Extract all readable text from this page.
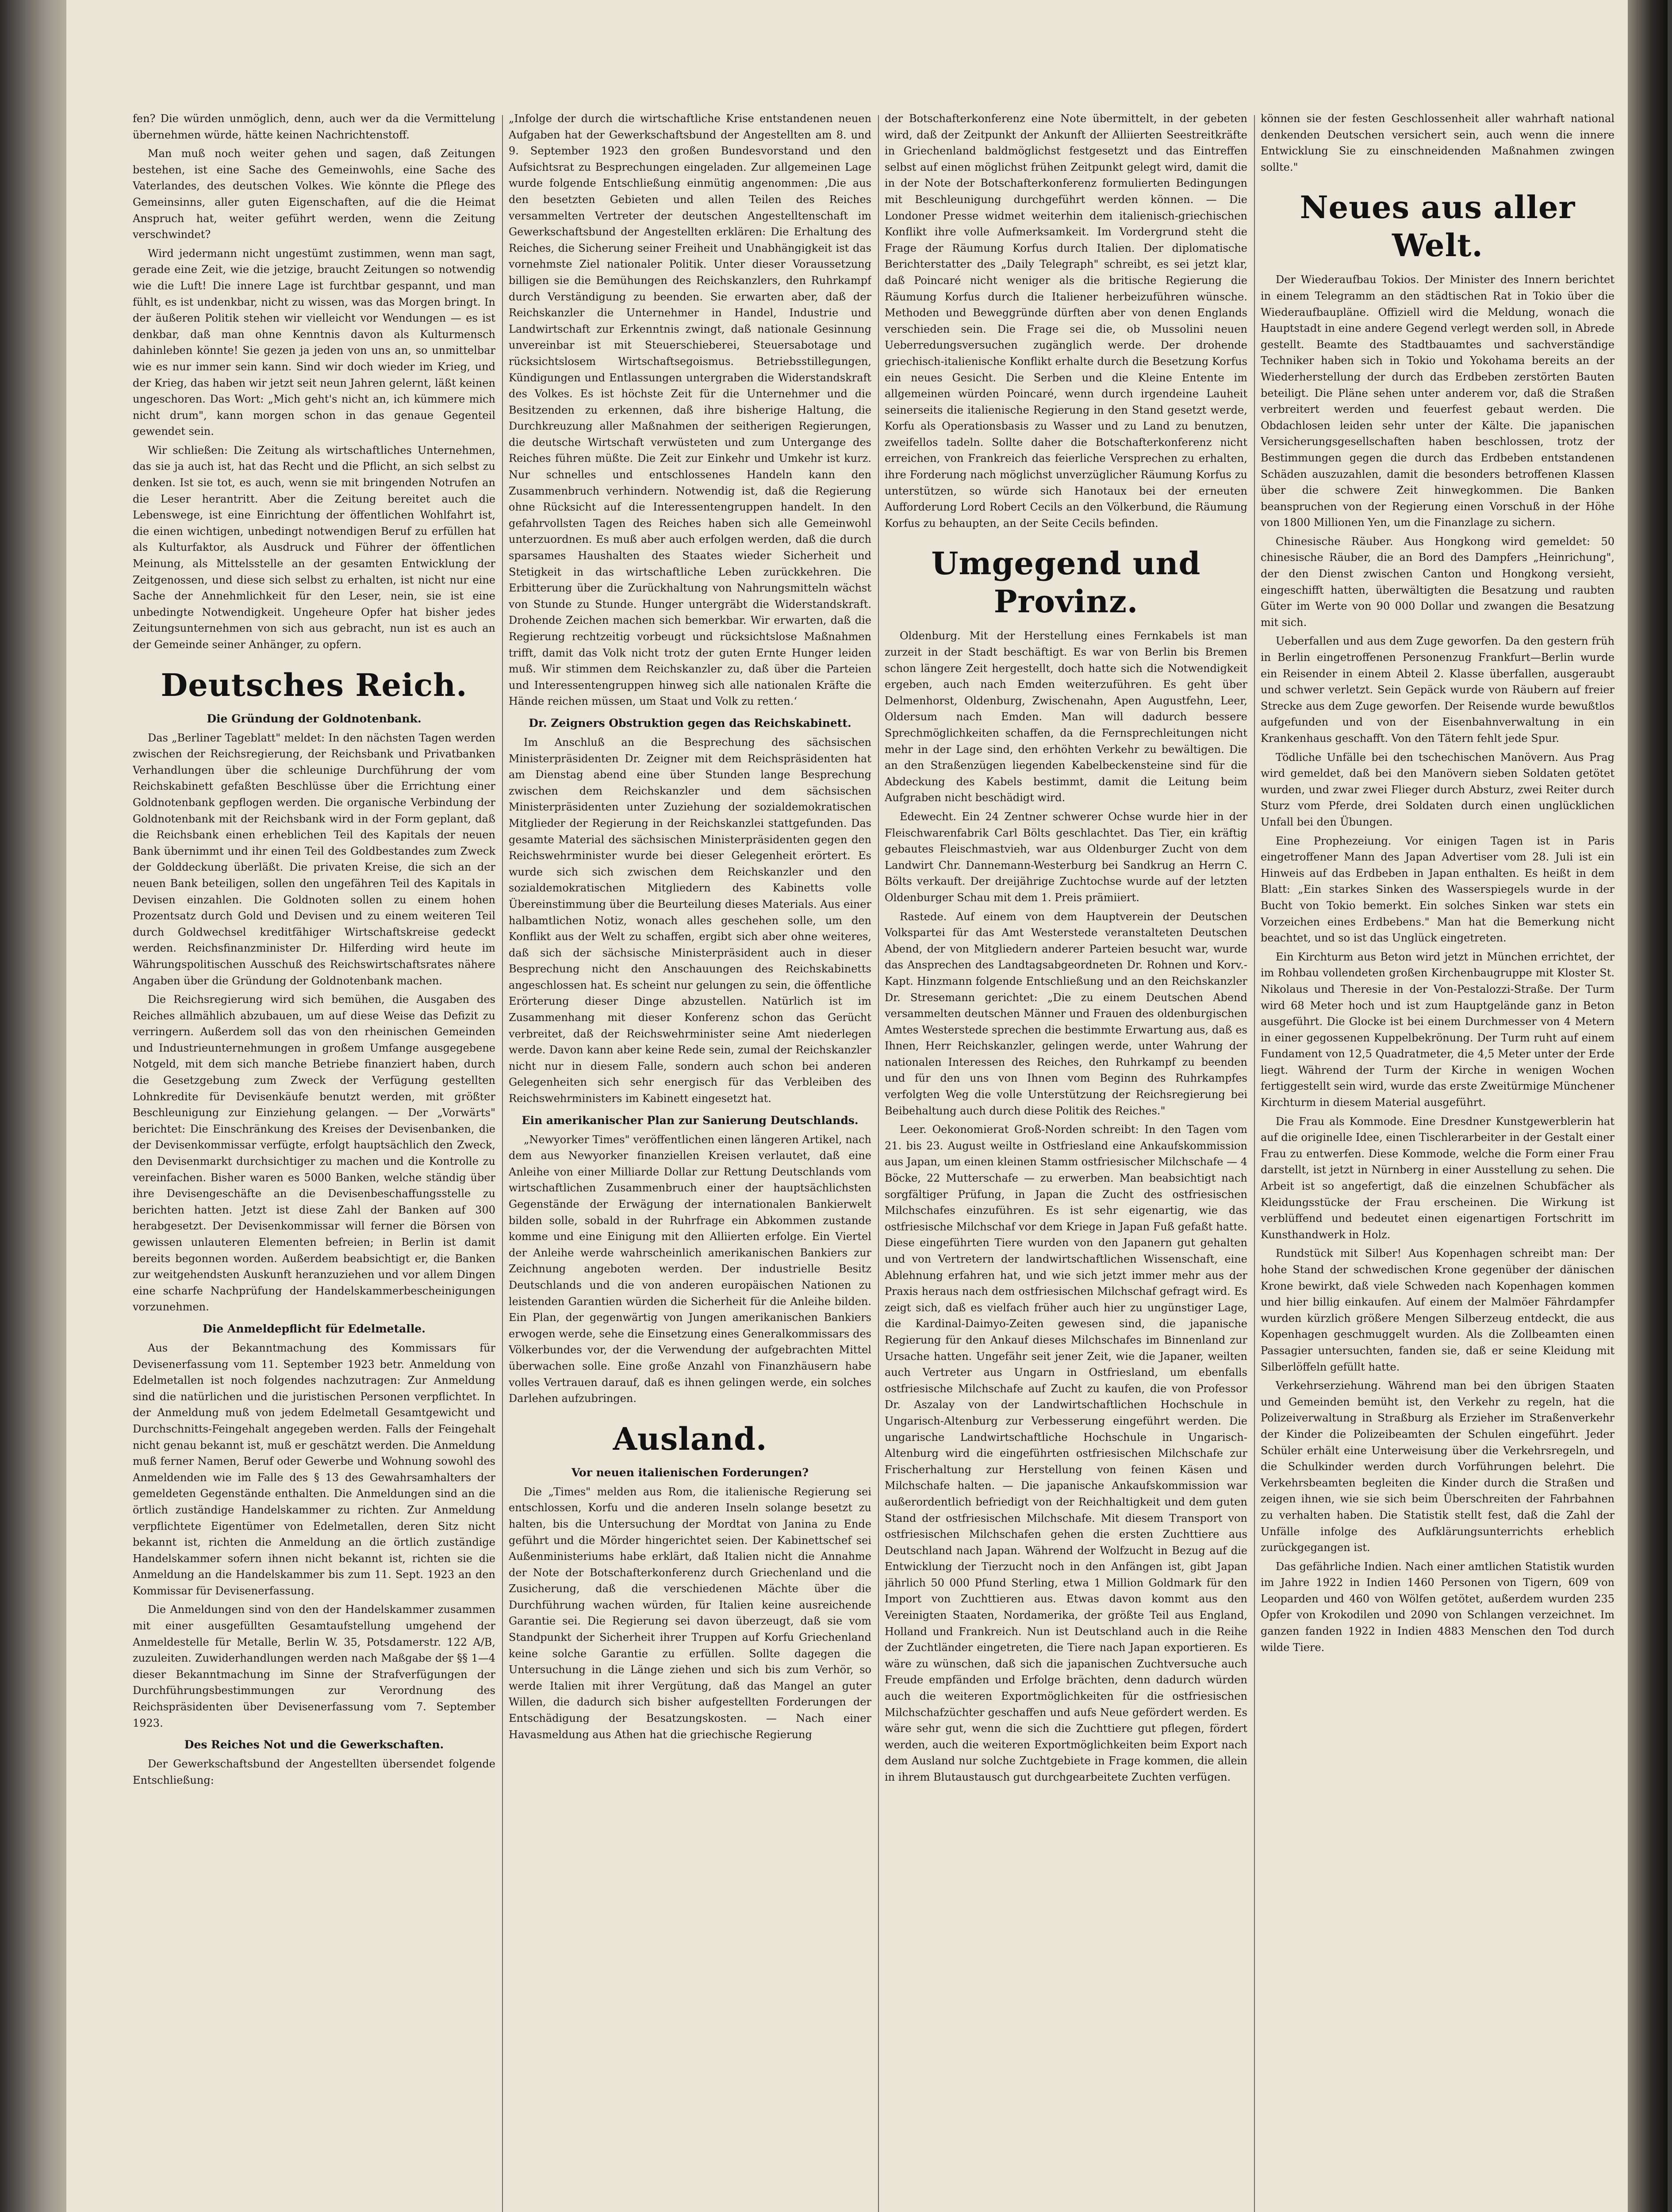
fen? Die würden unmöglich, denn, auch wer da die Vermittelung übernehmen würde, hätte keinen Nachrichtenstoff.

Man muß noch weiter gehen und sagen, daß Zeitungen bestehen, ist eine Sache des Gemeinwohls, eine Sache des Vaterlandes, des deutschen Volkes. Wie könnte die Pflege des Gemeinsinns, aller guten Eigenschaften, auf die die Heimat Anspruch hat, weiter geführt werden, wenn die Zeitung verschwindet?

Wird jedermann nicht ungestümt zustimmen, wenn man sagt, gerade eine Zeit, wie die jetzige, braucht Zeitungen so notwendig wie die Luft! Die innere Lage ist furchtbar gespannt, und man fühlt, es ist undenkbar, nicht zu wissen, was das Morgen bringt. In der äußeren Politik stehen wir vielleicht vor Wendungen — es ist denkbar, daß man ohne Kenntnis davon als Kulturmensch dahinleben könnte! Sie gezen ja jeden von uns an, so unmittelbar wie es nur immer sein kann. Sind wir doch wieder im Krieg, und der Krieg, das haben wir jetzt seit neun Jahren gelernt, läßt keinen ungeschoren. Das Wort: „Mich geht's nicht an, ich kümmere mich nicht drum", kann morgen schon in das genaue Gegenteil gewendet sein.

Wir schließen: Die Zeitung als wirtschaftliches Unternehmen, das sie ja auch ist, hat das Recht und die Pflicht, an sich selbst zu denken. Ist sie tot, es auch, wenn sie mit bringenden Notrufen an die Leser herantritt. Aber die Zeitung bereitet auch die Lebenswege, ist eine Einrichtung der öffentlichen Wohlfahrt ist, die einen wichtigen, unbedingt notwendigen Beruf zu erfüllen hat als Kulturfaktor, als Ausdruck und Führer der öffentlichen Meinung, als Mittelsstelle an der gesamten Entwicklung der Zeitgenossen, und diese sich selbst zu erhalten, ist nicht nur eine Sache der Annehmlichkeit für den Leser, nein, sie ist eine unbedingte Notwendigkeit. Ungeheure Opfer hat bisher jedes Zeitungsunternehmen von sich aus gebracht, nun ist es auch an der Gemeinde seiner Anhänger, zu opfern.

Deutsches Reich.
Die Gründung der Goldnotenbank.

Das „Berliner Tageblatt" meldet: In den nächsten Tagen werden zwischen der Reichsregierung, der Reichsbank und Privatbanken Verhandlungen über die schleunige Durchführung der vom Reichskabinett gefaßten Beschlüsse über die Errichtung einer Goldnotenbank gepflogen werden. Die organische Verbindung der Goldnotenbank mit der Reichsbank wird in der Form geplant, daß die Reichsbank einen erheblichen Teil des Kapitals der neuen Bank übernimmt und ihr einen Teil des Goldbestandes zum Zweck der Golddeckung überläßt. Die privaten Kreise, die sich an der neuen Bank beteiligen, sollen den ungefähren Teil des Kapitals in Devisen einzahlen. Die Goldnoten sollen zu einem hohen Prozentsatz durch Gold und Devisen und zu einem weiteren Teil durch Goldwechsel kreditfähiger Wirtschaftskreise gedeckt werden. Reichsfinanzminister Dr. Hilferding wird heute im Währungspolitischen Ausschuß des Reichswirtschaftsrates nähere Angaben über die Gründung der Goldnotenbank machen.

Die Reichsregierung wird sich bemühen, die Ausgaben des Reiches allmählich abzubauen, um auf diese Weise das Defizit zu verringern. Außerdem soll das von den rheinischen Gemeinden und Industrieunternehmungen in großem Umfange ausgegebene Notgeld, mit dem sich manche Betriebe finanziert haben, durch die Gesetzgebung zum Zweck der Verfügung gestellten Lohnkredite für Devisenkäufe benutzt werden, mit größter Beschleunigung zur Einziehung gelangen. — Der „Vorwärts" berichtet: Die Einschränkung des Kreises der Devisenbanken, die der Devisenkommissar verfügte, erfolgt hauptsächlich den Zweck, den Devisenmarkt durchsichtiger zu machen und die Kontrolle zu vereinfachen. Bisher waren es 5000 Banken, welche ständig über ihre Devisengeschäfte an die Devisenbeschaffungsstelle zu berichten hatten. Jetzt ist diese Zahl der Banken auf 300 herabgesetzt. Der Devisenkommissar will ferner die Börsen von gewissen unlauteren Elementen befreien; in Berlin ist damit bereits begonnen worden. Außerdem beabsichtigt er, die Banken zur weitgehendsten Auskunft heranzuziehen und vor allem Dingen eine scharfe Nachprüfung der Handelskammerbescheinigungen vorzunehmen.

Die Anmeldepflicht für Edelmetalle.

Aus der Bekanntmachung des Kommissars für Devisenerfassung vom 11. September 1923 betr. Anmeldung von Edelmetallen ist noch folgendes nachzutragen: Zur Anmeldung sind die natürlichen und die juristischen Personen verpflichtet. In der Anmeldung muß von jedem Edelmetall Gesamtgewicht und Durchschnitts-Feingehalt angegeben werden. Falls der Feingehalt nicht genau bekannt ist, muß er geschätzt werden. Die Anmeldung muß ferner Namen, Beruf oder Gewerbe und Wohnung sowohl des Anmeldenden wie im Falle des § 13 des Gewahrsamhalters der gemeldeten Gegenstände enthalten. Die Anmeldungen sind an die örtlich zuständige Handelskammer zu richten. Zur Anmeldung verpflichtete Eigentümer von Edelmetallen, deren Sitz nicht bekannt ist, richten die Anmeldung an die örtlich zuständige Handelskammer sofern ihnen nicht bekannt ist, richten sie die Anmeldung an die Handelskammer bis zum 11. Sept. 1923 an den Kommissar für Devisenerfassung.

Die Anmeldungen sind von den der Handelskammer zusammen mit einer ausgefüllten Gesamtaufstellung umgehend der Anmeldestelle für Metalle, Berlin W. 35, Potsdamerstr. 122 A/B, zuzuleiten. Zuwiderhandlungen werden nach Maßgabe der §§ 1—4 dieser Bekanntmachung im Sinne der Strafverfügungen der Durchführungsbestimmungen zur Verordnung des Reichspräsidenten über Devisenerfassung vom 7. September 1923.

Des Reiches Not und die Gewerkschaften.

Der Gewerkschaftsbund der Angestellten übersendet folgende Entschließung:

„Infolge der durch die wirtschaftliche Krise entstandenen neuen Aufgaben hat der Gewerkschaftsbund der Angestellten am 8. und 9. September 1923 den großen Bundesvorstand und den Aufsichtsrat zu Besprechungen eingeladen. Zur allgemeinen Lage wurde folgende Entschließung einmütig angenommen: ‚Die aus den besetzten Gebieten und allen Teilen des Reiches versammelten Vertreter der deutschen Angestelltenschaft im Gewerkschaftsbund der Angestellten erklären: Die Erhaltung des Reiches, die Sicherung seiner Freiheit und Unabhängigkeit ist das vornehmste Ziel nationaler Politik. Unter dieser Voraussetzung billigen sie die Bemühungen des Reichskanzlers, den Ruhrkampf durch Verständigung zu beenden. Sie erwarten aber, daß der Reichskanzler die Unternehmer in Handel, Industrie und Landwirtschaft zur Erkenntnis zwingt, daß nationale Gesinnung unvereinbar ist mit Steuerschieberei, Steuersabotage und rücksichtslosem Wirtschaftsegoismus. Betriebsstillegungen, Kündigungen und Entlassungen untergraben die Widerstandskraft des Volkes. Es ist höchste Zeit für die Unternehmer und die Besitzenden zu erkennen, daß ihre bisherige Haltung, die Durchkreuzung aller Maßnahmen der seitherigen Regierungen, die deutsche Wirtschaft verwüsteten und zum Untergange des Reiches führen müßte. Die Zeit zur Einkehr und Umkehr ist kurz. Nur schnelles und entschlossenes Handeln kann den Zusammenbruch verhindern. Notwendig ist, daß die Regierung ohne Rücksicht auf die Interessentengruppen handelt. In den gefahrvollsten Tagen des Reiches haben sich alle Gemeinwohl unterzuordnen. Es muß aber auch erfolgen werden, daß die durch sparsames Haushalten des Staates wieder Sicherheit und Stetigkeit in das wirtschaftliche Leben zurückkehren. Die Erbitterung über die Zurückhaltung von Nahrungsmitteln wächst von Stunde zu Stunde. Hunger untergräbt die Widerstandskraft. Drohende Zeichen machen sich bemerkbar. Wir erwarten, daß die Regierung rechtzeitig vorbeugt und rücksichtslose Maßnahmen trifft, damit das Volk nicht trotz der guten Ernte Hunger leiden muß. Wir stimmen dem Reichskanzler zu, daß über die Parteien und Interessentengruppen hinweg sich alle nationalen Kräfte die Hände reichen müssen, um Staat und Volk zu retten.‘

Dr. Zeigners Obstruktion gegen das Reichskabinett.

Im Anschluß an die Besprechung des sächsischen Ministerpräsidenten Dr. Zeigner mit dem Reichspräsidenten hat am Dienstag abend eine über Stunden lange Besprechung zwischen dem Reichskanzler und dem sächsischen Ministerpräsidenten unter Zuziehung der sozialdemokratischen Mitglieder der Regierung in der Reichskanzlei stattgefunden. Das gesamte Material des sächsischen Ministerpräsidenten gegen den Reichswehrminister wurde bei dieser Gelegenheit erörtert. Es wurde sich sich zwischen dem Reichskanzler und den sozialdemokratischen Mitgliedern des Kabinetts volle Übereinstimmung über die Beurteilung dieses Materials. Aus einer halbamtlichen Notiz, wonach alles geschehen solle, um den Konflikt aus der Welt zu schaffen, ergibt sich aber ohne weiteres, daß sich der sächsische Ministerpräsident auch in dieser Besprechung nicht den Anschauungen des Reichskabinetts angeschlossen hat. Es scheint nur gelungen zu sein, die öffentliche Erörterung dieser Dinge abzustellen. Natürlich ist im Zusammenhang mit dieser Konferenz schon das Gerücht verbreitet, daß der Reichswehrminister seine Amt niederlegen werde. Davon kann aber keine Rede sein, zumal der Reichskanzler nicht nur in diesem Falle, sondern auch schon bei anderen Gelegenheiten sich sehr energisch für das Verbleiben des Reichswehrministers im Kabinett eingesetzt hat.

Ein amerikanischer Plan zur Sanierung Deutschlands.

„Newyorker Times" veröffentlichen einen längeren Artikel, nach dem aus Newyorker finanziellen Kreisen verlautet, daß eine Anleihe von einer Milliarde Dollar zur Rettung Deutschlands vom wirtschaftlichen Zusammenbruch einer der hauptsächlichsten Gegenstände der Erwägung der internationalen Bankierwelt bilden solle, sobald in der Ruhrfrage ein Abkommen zustande komme und eine Einigung mit den Alliierten erfolge. Ein Viertel der Anleihe werde wahrscheinlich amerikanischen Bankiers zur Zeichnung angeboten werden. Der industrielle Besitz Deutschlands und die von anderen europäischen Nationen zu leistenden Garantien würden die Sicherheit für die Anleihe bilden. Ein Plan, der gegenwärtig von Jungen amerikanischen Bankiers erwogen werde, sehe die Einsetzung eines Generalkommissars des Völkerbundes vor, der die Verwendung der aufgebrachten Mittel überwachen solle. Eine große Anzahl von Finanzhäusern habe volles Vertrauen darauf, daß es ihnen gelingen werde, ein solches Darlehen aufzubringen.

Ausland.
Vor neuen italienischen Forderungen?

Die „Times" melden aus Rom, die italienische Regierung sei entschlossen, Korfu und die anderen Inseln solange besetzt zu halten, bis die Untersuchung der Mordtat von Janina zu Ende geführt und die Mörder hingerichtet seien. Der Kabinettschef sei Außenministeriums habe erklärt, daß Italien nicht die Annahme der Note der Botschafterkonferenz durch Griechenland und die Zusicherung, daß die verschiedenen Mächte über die Durchführung wachen würden, für Italien keine ausreichende Garantie sei. Die Regierung sei davon überzeugt, daß sie vom Standpunkt der Sicherheit ihrer Truppen auf Korfu Griechenland keine solche Garantie zu erfüllen. Sollte dagegen die Untersuchung in die Länge ziehen und sich bis zum Verhör, so werde Italien mit ihrer Vergütung, daß das Mangel an guter Willen, die dadurch sich bisher aufgestellten Forderungen der Entschädigung der Besatzungskosten. — Nach einer Havasmeldung aus Athen hat die griechische Regierung

der Botschafterkonferenz eine Note übermittelt, in der gebeten wird, daß der Zeitpunkt der Ankunft der Alliierten Seestreitkräfte in Griechenland baldmöglichst festgesetzt und das Eintreffen selbst auf einen möglichst frühen Zeitpunkt gelegt wird, damit die in der Note der Botschafterkonferenz formulierten Bedingungen mit Beschleunigung durchgeführt werden können. — Die Londoner Presse widmet weiterhin dem italienisch-griechischen Konflikt ihre volle Aufmerksamkeit. Im Vordergrund steht die Frage der Räumung Korfus durch Italien. Der diplomatische Berichterstatter des „Daily Telegraph" schreibt, es sei jetzt klar, daß Poincaré nicht weniger als die britische Regierung die Räumung Korfus durch die Italiener herbeizuführen wünsche. Methoden und Beweggründe dürften aber von denen Englands verschieden sein. Die Frage sei die, ob Mussolini neuen Ueberredungsversuchen zugänglich werde. Der drohende griechisch-italienische Konflikt erhalte durch die Besetzung Korfus ein neues Gesicht. Die Serben und die Kleine Entente im allgemeinen würden Poincaré, wenn durch irgendeine Lauheit seinerseits die italienische Regierung in den Stand gesetzt werde, Korfu als Operationsbasis zu Wasser und zu Land zu benutzen, zweifellos tadeln. Sollte daher die Botschafterkonferenz nicht erreichen, von Frankreich das feierliche Versprechen zu erhalten, ihre Forderung nach möglichst unverzüglicher Räumung Korfus zu unterstützen, so würde sich Hanotaux bei der erneuten Aufforderung Lord Robert Cecils an den Völkerbund, die Räumung Korfus zu behaupten, an der Seite Cecils befinden.

Umgegend und Provinz.

Oldenburg. Mit der Herstellung eines Fernkabels ist man zurzeit in der Stadt beschäftigt. Es war von Berlin bis Bremen schon längere Zeit hergestellt, doch hatte sich die Notwendigkeit ergeben, auch nach Emden weiterzuführen. Es geht über Delmenhorst, Oldenburg, Zwischenahn, Apen Augustfehn, Leer, Oldersum nach Emden. Man will dadurch bessere Sprechmöglichkeiten schaffen, da die Fernsprechleitungen nicht mehr in der Lage sind, den erhöhten Verkehr zu bewältigen. Die an den Straßenzügen liegenden Kabelbeckensteine sind für die Abdeckung des Kabels bestimmt, damit die Leitung beim Aufgraben nicht beschädigt wird.

Edewecht. Ein 24 Zentner schwerer Ochse wurde hier in der Fleischwarenfabrik Carl Bölts geschlachtet. Das Tier, ein kräftig gebautes Fleischmastvieh, war aus Oldenburger Zucht von dem Landwirt Chr. Dannemann-Westerburg bei Sandkrug an Herrn C. Bölts verkauft. Der dreijährige Zuchtochse wurde auf der letzten Oldenburger Schau mit dem 1. Preis prämiiert.

Rastede. Auf einem von dem Hauptverein der Deutschen Volkspartei für das Amt Westerstede veranstalteten Deutschen Abend, der von Mitgliedern anderer Parteien besucht war, wurde das Ansprechen des Landtagsabgeordneten Dr. Rohnen und Korv.-Kapt. Hinzmann folgende Entschließung und an den Reichskanzler Dr. Stresemann gerichtet: „Die zu einem Deutschen Abend versammelten deutschen Männer und Frauen des oldenburgischen Amtes Westerstede sprechen die bestimmte Erwartung aus, daß es Ihnen, Herr Reichskanzler, gelingen werde, unter Wahrung der nationalen Interessen des Reiches, den Ruhrkampf zu beenden und für den uns von Ihnen vom Beginn des Ruhrkampfes verfolgten Weg die volle Unterstützung der Reichsregierung bei Beibehaltung auch durch diese Politik des Reiches."

Leer. Oekonomierat Groß-Norden schreibt: In den Tagen vom 21. bis 23. August weilte in Ostfriesland eine Ankaufskommission aus Japan, um einen kleinen Stamm ostfriesischer Milchschafe — 4 Böcke, 22 Mutterschafe — zu erwerben. Man beabsichtigt nach sorgfältiger Prüfung, in Japan die Zucht des ostfriesischen Milchschafes einzuführen. Es ist sehr eigenartig, wie das ostfriesische Milchschaf vor dem Kriege in Japan Fuß gefaßt hatte. Diese eingeführten Tiere wurden von den Japanern gut gehalten und von Vertretern der landwirtschaftlichen Wissenschaft, eine Ablehnung erfahren hat, und wie sich jetzt immer mehr aus der Praxis heraus nach dem ostfriesischen Milchschaf gefragt wird. Es zeigt sich, daß es vielfach früher auch hier zu ungünstiger Lage, die Kardinal-Daimyo-Zeiten gewesen sind, die japanische Regierung für den Ankauf dieses Milchschafes im Binnenland zur Ursache hatten. Ungefähr seit jener Zeit, wie die Japaner, weilten auch Vertreter aus Ungarn in Ostfriesland, um ebenfalls ostfriesische Milchschafe auf Zucht zu kaufen, die von Professor Dr. Aszalay von der Landwirtschaftlichen Hochschule in Ungarisch-Altenburg zur Verbesserung eingeführt werden. Die ungarische Landwirtschaftliche Hochschule in Ungarisch-Altenburg wird die eingeführten ostfriesischen Milchschafe zur Frischerhaltung zur Herstellung von feinen Käsen und Milchschafe halten. — Die japanische Ankaufskommission war außerordentlich befriedigt von der Reichhaltigkeit und dem guten Stand der ostfriesischen Milchschafe. Mit diesem Transport von ostfriesischen Milchschafen gehen die ersten Zuchttiere aus Deutschland nach Japan. Während der Wolfzucht in Bezug auf die Entwicklung der Tierzucht noch in den Anfängen ist, gibt Japan jährlich 50 000 Pfund Sterling, etwa 1 Million Goldmark für den Import von Zuchttieren aus. Etwas davon kommt aus den Vereinigten Staaten, Nordamerika, der größte Teil aus England, Holland und Frankreich. Nun ist Deutschland auch in die Reihe der Zuchtländer eingetreten, die Tiere nach Japan exportieren. Es wäre zu wünschen, daß sich die japanischen Zuchtversuche auch Freude empfänden und Erfolge brächten, denn dadurch würden auch die weiteren Exportmöglichkeiten für die ostfriesischen Milchschafzüchter geschaffen und aufs Neue gefördert werden. Es wäre sehr gut, wenn die sich die Zuchttiere gut pflegen, fördert werden, auch die weiteren Exportmöglichkeiten beim Export nach dem Ausland nur solche Zuchtgebiete in Frage kommen, die allein in ihrem Blutaustausch gut durchgearbeitete Zuchten verfügen.

können sie der festen Geschlossenheit aller wahrhaft national denkenden Deutschen versichert sein, auch wenn die innere Entwicklung Sie zu einschneidenden Maßnahmen zwingen sollte."

Neues aus aller Welt.

Der Wiederaufbau Tokios. Der Minister des Innern berichtet in einem Telegramm an den städtischen Rat in Tokio über die Wiederaufbaupläne. Offiziell wird die Meldung, wonach die Hauptstadt in eine andere Gegend verlegt werden soll, in Abrede gestellt. Beamte des Stadtbauamtes und sachverständige Techniker haben sich in Tokio und Yokohama bereits an der Wiederherstellung der durch das Erdbeben zerstörten Bauten beteiligt. Die Pläne sehen unter anderem vor, daß die Straßen verbreitert werden und feuerfest gebaut werden. Die Obdachlosen leiden sehr unter der Kälte. Die japanischen Versicherungsgesellschaften haben beschlossen, trotz der Bestimmungen gegen die durch das Erdbeben entstandenen Schäden auszuzahlen, damit die besonders betroffenen Klassen über die schwere Zeit hinwegkommen. Die Banken beanspruchen von der Regierung einen Vorschuß in der Höhe von 1800 Millionen Yen, um die Finanzlage zu sichern.

Chinesische Räuber. Aus Hongkong wird gemeldet: 50 chinesische Räuber, die an Bord des Dampfers „Heinrichung", der den Dienst zwischen Canton und Hongkong versieht, eingeschifft hatten, überwältigten die Besatzung und raubten Güter im Werte von 90 000 Dollar und zwangen die Besatzung mit sich.

Ueberfallen und aus dem Zuge geworfen. Da den gestern früh in Berlin eingetroffenen Personenzug Frankfurt—Berlin wurde ein Reisender in einem Abteil 2. Klasse überfallen, ausgeraubt und schwer verletzt. Sein Gepäck wurde von Räubern auf freier Strecke aus dem Zuge geworfen. Der Reisende wurde bewußtlos aufgefunden und von der Eisenbahnverwaltung in ein Krankenhaus geschafft. Von den Tätern fehlt jede Spur.

Tödliche Unfälle bei den tschechischen Manövern. Aus Prag wird gemeldet, daß bei den Manövern sieben Soldaten getötet wurden, und zwar zwei Flieger durch Absturz, zwei Reiter durch Sturz vom Pferde, drei Soldaten durch einen unglücklichen Unfall bei den Übungen.

Eine Prophezeiung. Vor einigen Tagen ist in Paris eingetroffener Mann des Japan Advertiser vom 28. Juli ist ein Hinweis auf das Erdbeben in Japan enthalten. Es heißt in dem Blatt: „Ein starkes Sinken des Wasserspiegels wurde in der Bucht von Tokio bemerkt. Ein solches Sinken war stets ein Vorzeichen eines Erdbebens." Man hat die Bemerkung nicht beachtet, und so ist das Unglück eingetreten.

Ein Kirchturm aus Beton wird jetzt in München errichtet, der im Rohbau vollendeten großen Kirchenbaugruppe mit Kloster St. Nikolaus und Theresie in der Von-Pestalozzi-Straße. Der Turm wird 68 Meter hoch und ist zum Hauptgelände ganz in Beton ausgeführt. Die Glocke ist bei einem Durchmesser von 4 Metern in einer gegossenen Kuppelbekrönung. Der Turm ruht auf einem Fundament von 12,5 Quadratmeter, die 4,5 Meter unter der Erde liegt. Während der Turm der Kirche in wenigen Wochen fertiggestellt sein wird, wurde das erste Zweitürmige Münchener Kirchturm in diesem Material ausgeführt.

Die Frau als Kommode. Eine Dresdner Kunstgewerblerin hat auf die originelle Idee, einen Tischlerarbeiter in der Gestalt einer Frau zu entwerfen. Diese Kommode, welche die Form einer Frau darstellt, ist jetzt in Nürnberg in einer Ausstellung zu sehen. Die Arbeit ist so angefertigt, daß die einzelnen Schubfächer als Kleidungsstücke der Frau erscheinen. Die Wirkung ist verblüffend und bedeutet einen eigenartigen Fortschritt im Kunsthandwerk in Holz.

Rundstück mit Silber! Aus Kopenhagen schreibt man: Der hohe Stand der schwedischen Krone gegenüber der dänischen Krone bewirkt, daß viele Schweden nach Kopenhagen kommen und hier billig einkaufen. Auf einem der Malmöer Fährdampfer wurden kürzlich größere Mengen Silberzeug entdeckt, die aus Kopenhagen geschmuggelt wurden. Als die Zollbeamten einen Passagier untersuchten, fanden sie, daß er seine Kleidung mit Silberlöffeln gefüllt hatte.

Verkehrserziehung. Während man bei den übrigen Staaten und Gemeinden bemüht ist, den Verkehr zu regeln, hat die Polizeiverwaltung in Straßburg als Erzieher im Straßenverkehr der Kinder die Polizeibeamten der Schulen eingeführt. Jeder Schüler erhält eine Unterweisung über die Verkehrsregeln, und die Schulkinder werden durch Vorführungen belehrt. Die Verkehrsbeamten begleiten die Kinder durch die Straßen und zeigen ihnen, wie sie sich beim Überschreiten der Fahrbahnen zu verhalten haben. Die Statistik stellt fest, daß die Zahl der Unfälle infolge des Aufklärungsunterrichts erheblich zurückgegangen ist.

Das gefährliche Indien. Nach einer amtlichen Statistik wurden im Jahre 1922 in Indien 1460 Personen von Tigern, 609 von Leoparden und 460 von Wölfen getötet, außerdem wurden 235 Opfer von Krokodilen und 2090 von Schlangen verzeichnet. Im ganzen fanden 1922 in Indien 4883 Menschen den Tod durch wilde Tiere.
